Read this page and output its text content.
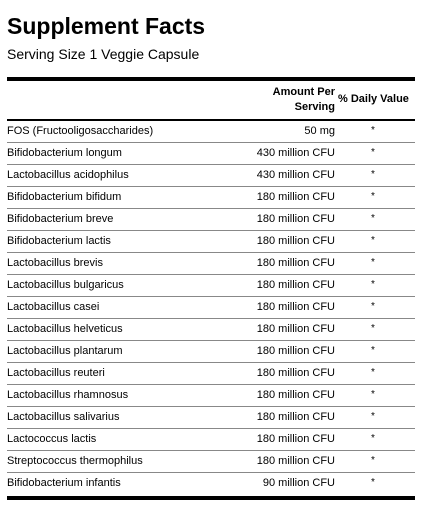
Supplement Facts
Serving Size 1 Veggie Capsule
Amount Per
Serving
% Daily Value
FOS (Fructooligosaccharides)	50 mg	*
Bifidobacterium longum	430 million CFU	*
Lactobacillus acidophilus	430 million CFU	*
Bifidobacterium bifidum	180 million CFU	*
Bifidobacterium breve	180 million CFU	*
Bifidobacterium lactis	180 million CFU	*
Lactobacillus brevis	180 million CFU	*
Lactobacillus bulgaricus	180 million CFU	*
Lactobacillus casei	180 million CFU	*
Lactobacillus helveticus	180 million CFU	*
Lactobacillus plantarum	180 million CFU	*
Lactobacillus reuteri	180 million CFU	*
Lactobacillus rhamnosus	180 million CFU	*
Lactobacillus salivarius	180 million CFU	*
Lactococcus lactis	180 million CFU	*
Streptococcus thermophilus	180 million CFU	*
Bifidobacterium infantis	90 million CFU	*
